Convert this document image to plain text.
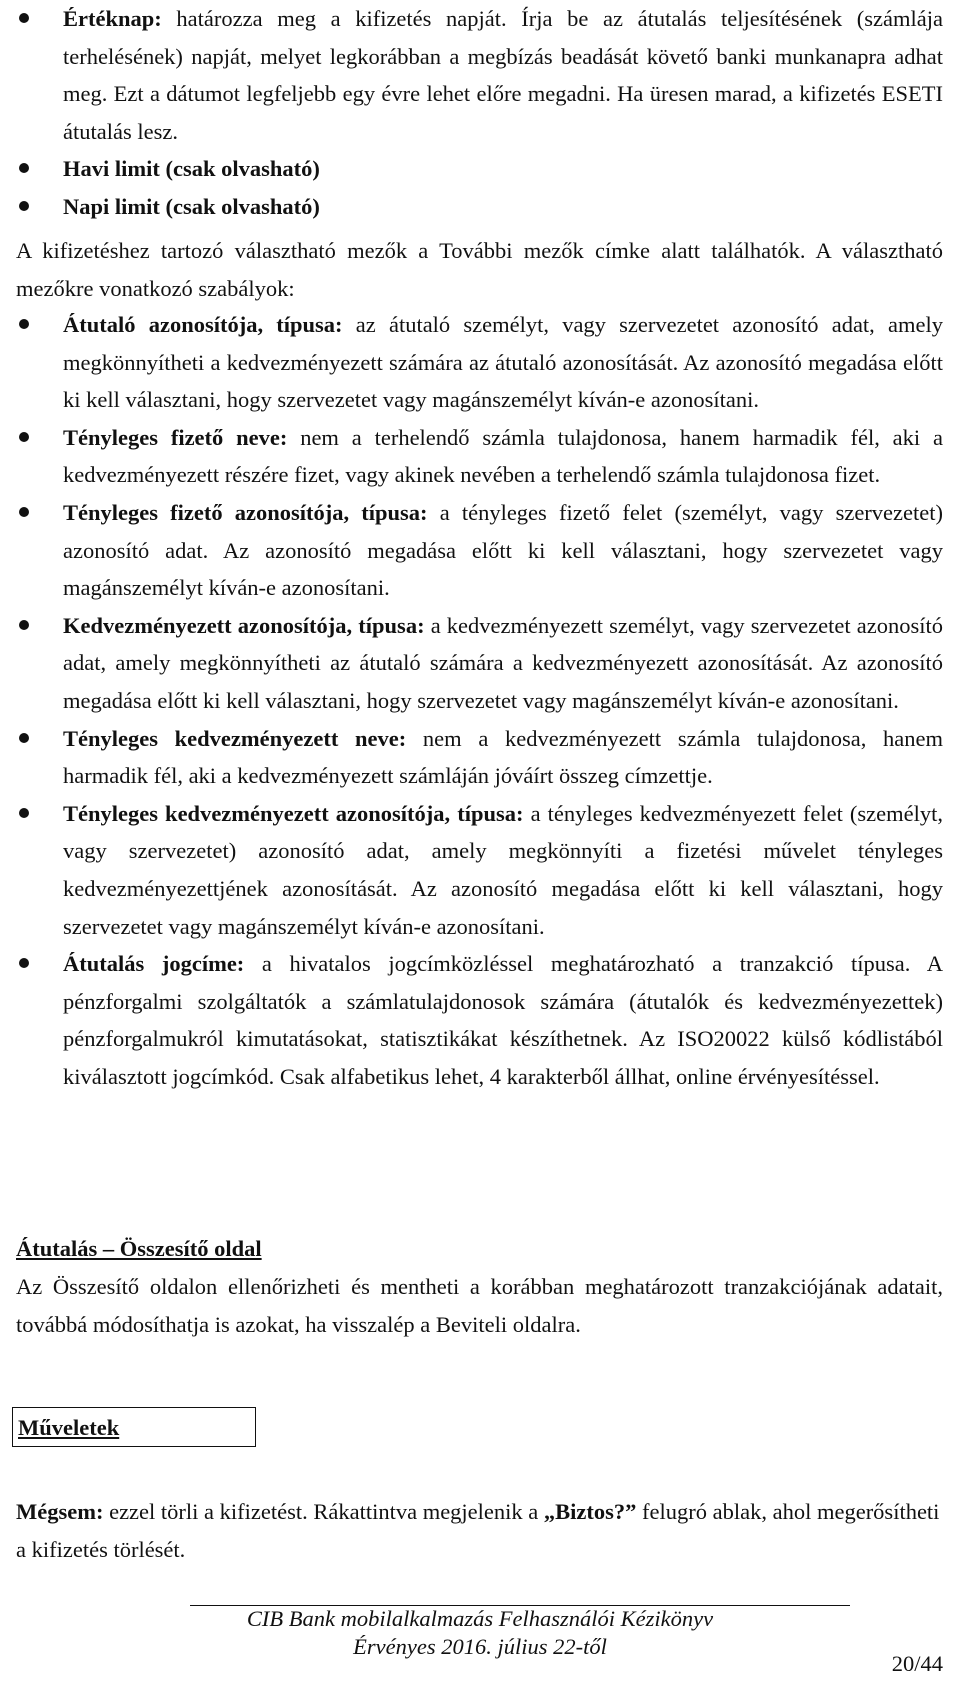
Értéknap: határozza meg a kifizetés napját. Írja be az átutalás teljesítésének (számlája terhelésének) napját, melyet legkorábban a megbízás beadását követő banki munkanapra adhat meg. Ezt a dátumot legfeljebb egy évre lehet előre megadni. Ha üresen marad, a kifizetés ESETI átutalás lesz.
Havi limit (csak olvasható)
Napi limit (csak olvasható)
A kifizetéshez tartozó választható mezők a További mezők címke alatt találhatók. A választható mezőkre vonatkozó szabályok:
Átutaló azonosítója, típusa: az átutaló személyt, vagy szervezetet azonosító adat, amely megkönnyítheti a kedvezményezett számára az átutaló azonosítását. Az azonosító megadása előtt ki kell választani, hogy szervezetet vagy magánszemélyt kíván-e azonosítani.
Tényleges fizető neve: nem a terhelendő számla tulajdonosa, hanem harmadik fél, aki a kedvezményezett részére fizet, vagy akinek nevében a terhelendő számla tulajdonosa fizet.
Tényleges fizető azonosítója, típusa: a tényleges fizető felet (személyt, vagy szervezetet) azonosító adat. Az azonosító megadása előtt ki kell választani, hogy szervezetet vagy magánszemélyt kíván-e azonosítani.
Kedvezményezett azonosítója, típusa: a kedvezményezett személyt, vagy szervezetet azonosító adat, amely megkönnyítheti az átutaló számára a kedvezményezett azonosítását. Az azonosító megadása előtt ki kell választani, hogy szervezetet vagy magánszemélyt kíván-e azonosítani.
Tényleges kedvezményezett neve: nem a kedvezményezett számla tulajdonosa, hanem harmadik fél, aki a kedvezményezett számláján jóváírt összeg címzettje.
Tényleges kedvezményezett azonosítója, típusa: a tényleges kedvezményezett felet (személyt, vagy szervezetet) azonosító adat, amely megkönnyíti a fizetési művelet tényleges kedvezményezettjének azonosítását. Az azonosító megadása előtt ki kell választani, hogy szervezetet vagy magánszemélyt kíván-e azonosítani.
Átutalás jogcíme: a hivatalos jogcímközléssel meghatározható a tranzakció típusa. A pénzforgalmi szolgáltatók a számlatulajdonosok számára (átutalók és kedvezményezettek) pénzforgalmukról kimutatásokat, statisztikákat készíthetnek. Az ISO20022 külső kódlistából kiválasztott jogcímkód. Csak alfabetikus lehet, 4 karakterből állhat, online érvényesítéssel.
Átutalás – Összesítő oldal
Az Összesítő oldalon ellenőrizheti és mentheti a korábban meghatározott tranzakciójának adatait, továbbá módosíthatja is azokat, ha visszalép a Beviteli oldalra.
Műveletek
Mégsem: ezzel törli a kifizetést. Rákattintva megjelenik a „Biztos?” felugró ablak, ahol megerősítheti a kifizetés törlését.
CIB Bank mobilalkalmazás Felhasználói Kézikönyv
Érvényes 2016. július 22-től
20/44
